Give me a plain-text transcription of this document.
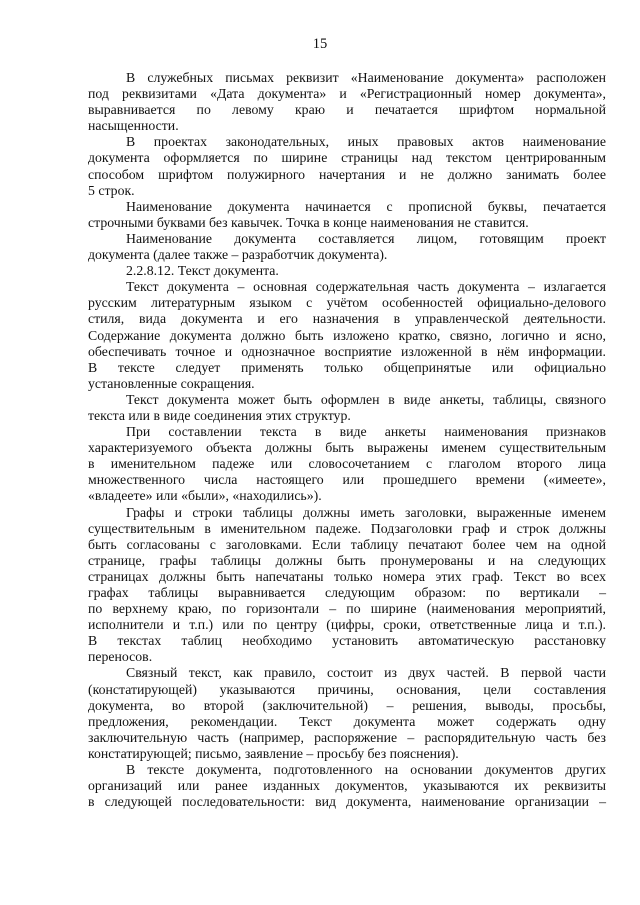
15
В служебных письмах реквизит «Наименование документа» расположен
под реквизитами «Дата документа» и «Регистрационный номер документа»,
выравнивается по левому краю и печатается шрифтом нормальной
насыщенности.
В проектах законодательных, иных правовых актов наименование
документа оформляется по ширине страницы над текстом центрированным
способом шрифтом полужирного начертания и не должно занимать более
5 строк.
Наименование документа начинается с прописной буквы, печатается
строчными буквами без кавычек. Точка в конце наименования не ставится.
Наименование документа составляется лицом, готовящим проект
документа (далее также – разработчик документа).
2.2.8.12. Текст документа.
Текст документа – основная содержательная часть документа – излагается
русским литературным языком с учётом особенностей официально-делового
стиля, вида документа и его назначения в управленческой деятельности.
Содержание документа должно быть изложено кратко, связно, логично и ясно,
обеспечивать точное и однозначное восприятие изложенной в нём информации.
В тексте следует применять только общепринятые или официально
установленные сокращения.
Текст документа может быть оформлен в виде анкеты, таблицы, связного
текста или в виде соединения этих структур.
При составлении текста в виде анкеты наименования признаков
характеризуемого объекта должны быть выражены именем существительным
в именительном падеже или словосочетанием с глаголом второго лица
множественного числа настоящего или прошедшего времени («имеете»,
«владеете» или «были», «находились»).
Графы и строки таблицы должны иметь заголовки, выраженные именем
существительным в именительном падеже. Подзаголовки граф и строк должны
быть согласованы с заголовками. Если таблицу печатают более чем на одной
странице, графы таблицы должны быть пронумерованы и на следующих
страницах должны быть напечатаны только номера этих граф. Текст во всех
графах таблицы выравнивается следующим образом: по вертикали –
по верхнему краю, по горизонтали – по ширине (наименования мероприятий,
исполнители и т.п.) или по центру (цифры, сроки, ответственные лица и т.п.).
В текстах таблиц необходимо установить автоматическую расстановку
переносов.
Связный текст, как правило, состоит из двух частей. В первой части
(констатирующей) указываются причины, основания, цели составления
документа, во второй (заключительной) – решения, выводы, просьбы,
предложения, рекомендации. Текст документа может содержать одну
заключительную часть (например, распоряжение – распорядительную часть без
констатирующей; письмо, заявление – просьбу без пояснения).
В тексте документа, подготовленного на основании документов других
организаций или ранее изданных документов, указываются их реквизиты
в следующей последовательности: вид документа, наименование организации –
